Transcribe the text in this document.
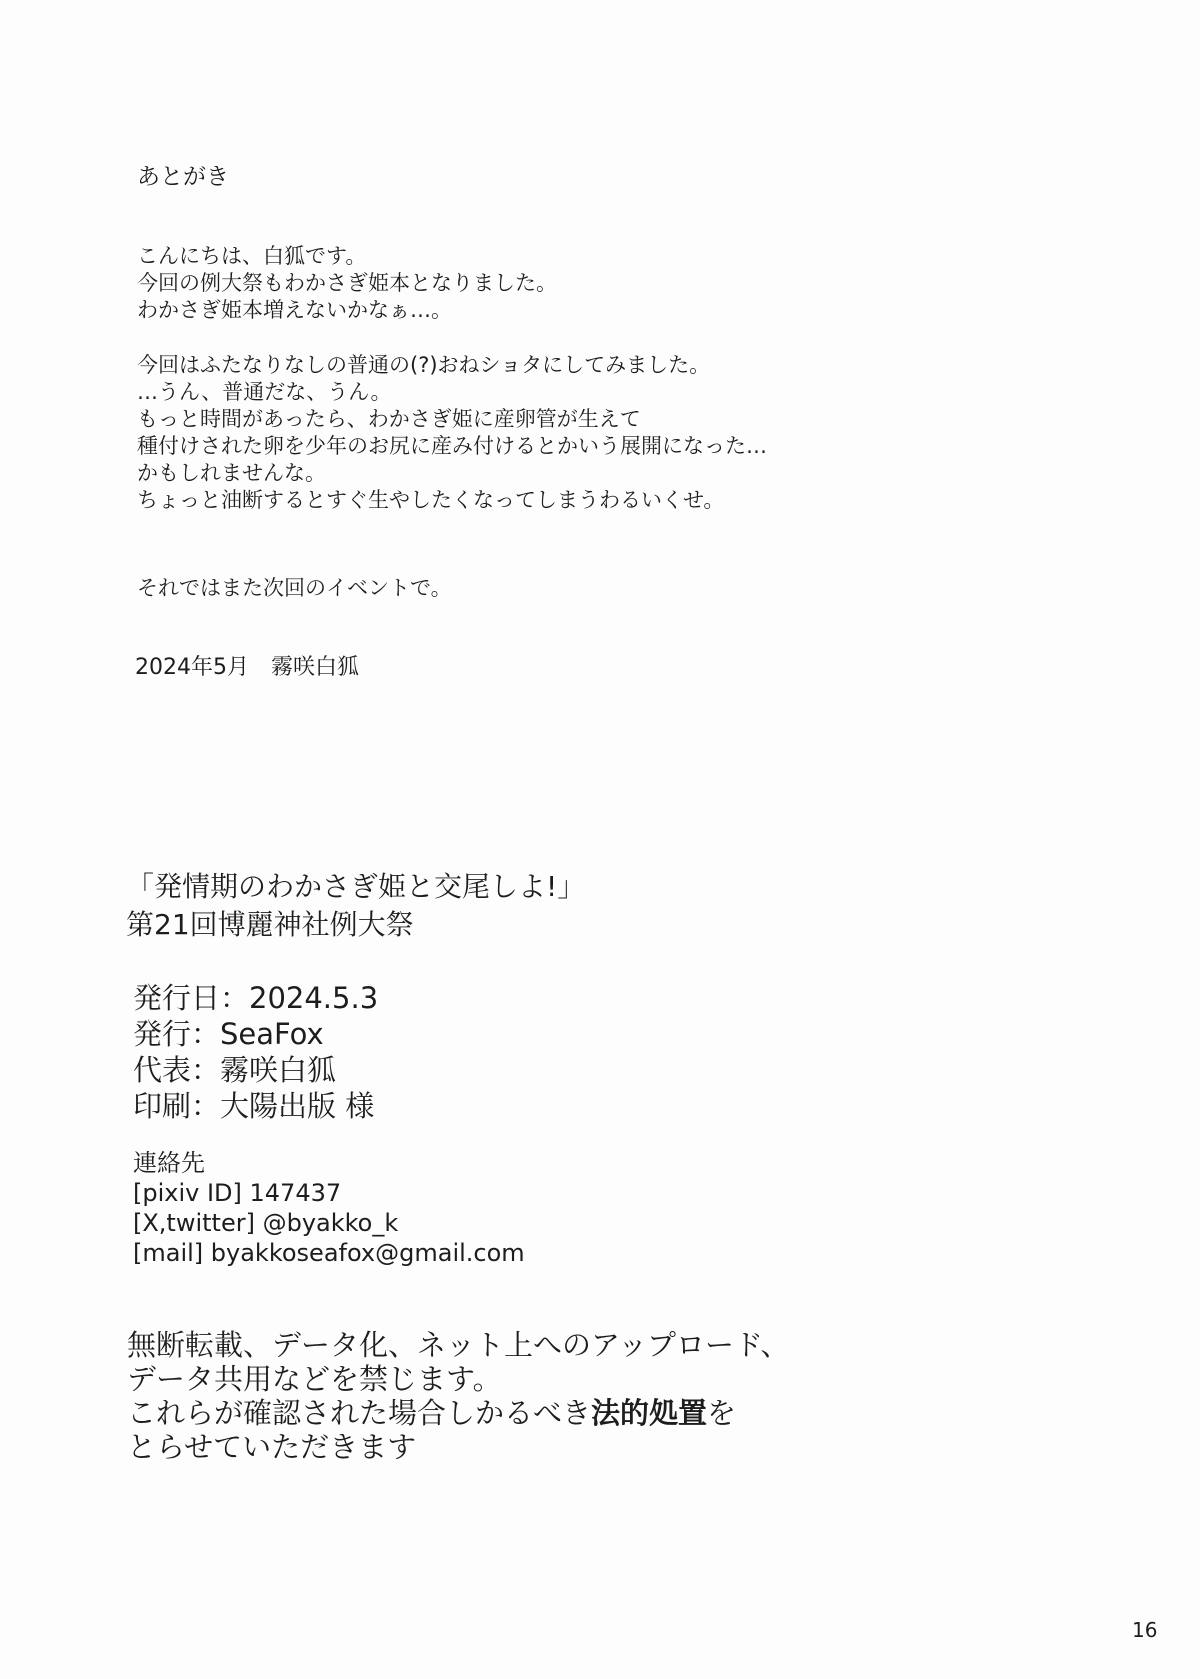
あとがき
こんにちは、白狐です。
今回の例大祭もわかさぎ姫本となりました。
わかさぎ姫本増えないかなぁ…。
今回はふたなりなしの普通の(?)おねショタにしてみました。
…うん、普通だな、うん。
もっと時間があったら、わかさぎ姫に産卵管が生えて
種付けされた卵を少年のお尻に産み付けるとかいう展開になった…
かもしれませんな。
ちょっと油断するとすぐ生やしたくなってしまうわるいくせ。
それではまた次回のイベントで。
2024年5月　霧咲白狐
「発情期のわかさぎ姫と交尾しよ!」
第21回博麗神社例大祭
発行日：2024.5.3
発行：SeaFox
代表：霧咲白狐
印刷：大陽出版 様
連絡先
[pixiv ID] 147437
[X,twitter] @byakko_k
[mail] byakkoseafox@gmail.com
無断転載、データ化、ネット上へのアップロード、
データ共用などを禁じます。
これらが確認された場合しかるべき法的処置を
とらせていただきます
16
